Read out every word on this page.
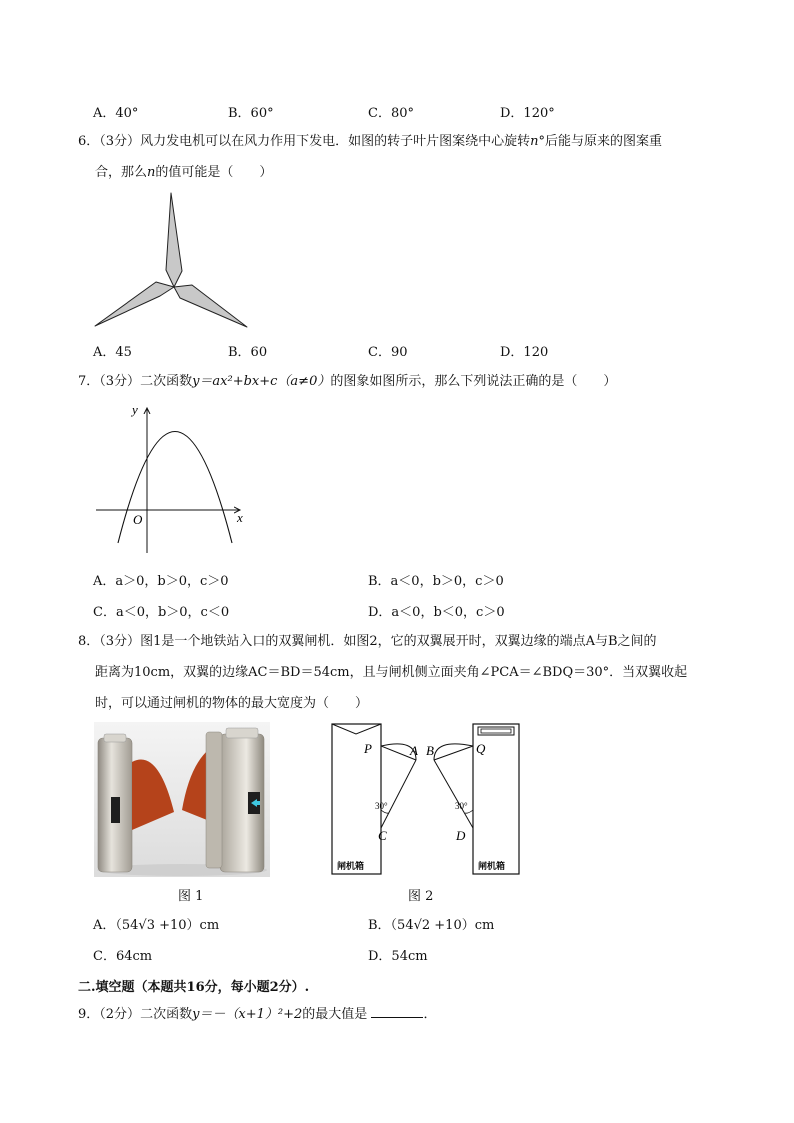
A．40°	B．60°	C．80°	D．120°
6．（3分）风力发电机可以在风力作用下发电．如图的转子叶片图案绕中心旋转n°后能与原来的图案重
合，那么n的值可能是（　　）
A．45	B．60	C．90	D．120
7．（3分）二次函数y＝ax²+bx+c（a≠0）的图象如图所示，那么下列说法正确的是（　　）
y
x
O
A．a＞0，b＞0，c＞0	B．a＜0，b＞0，c＞0
C．a＜0，b＞0，c＜0	D．a＜0，b＜0，c＞0
8．（3分）图1是一个地铁站入口的双翼闸机．如图2，它的双翼展开时，双翼边缘的端点A与B之间的
距离为10cm，双翼的边缘AC＝BD＝54cm，且与闸机侧立面夹角∠PCA＝∠BDQ＝30°．当双翼收起
时，可以通过闸机的物体的最大宽度为（　　）
图 1
P	A B	Q
C	D
30°	30°
闸机箱	闸机箱
图 2
A．（54√3 +10）cm	B．（54√2 +10）cm
C．64cm	D．54cm
二.填空题（本题共16分，每小题2分）.
9．（2分）二次函数y＝－（x+1）²+2的最大值是	．
